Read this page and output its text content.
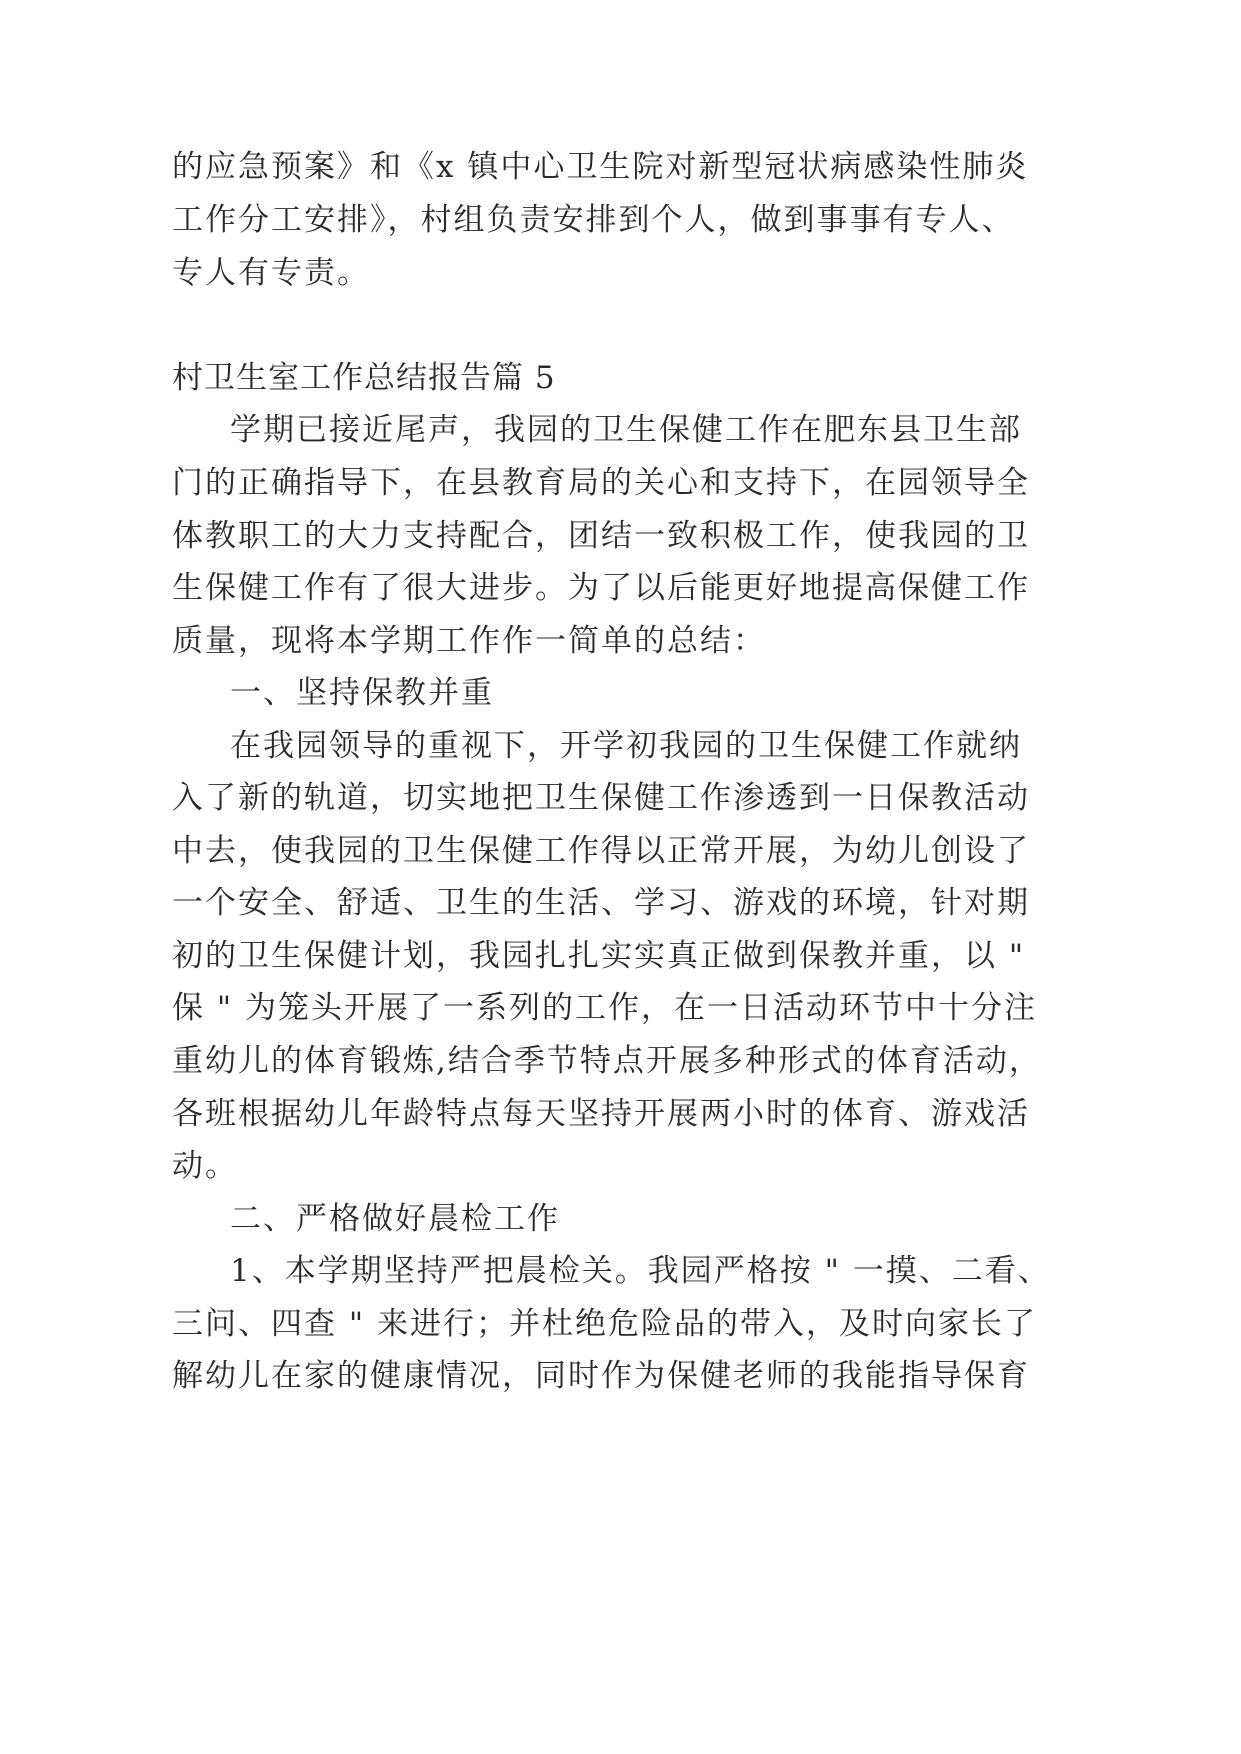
的应急预案》和《x 镇中心卫生院对新型冠状病感染性肺炎
工作分工安排》，村组负责安排到个人，做到事事有专人、
专人有专责。
村卫生室工作总结报告篇 5
学期已接近尾声，我园的卫生保健工作在肥东县卫生部
门的正确指导下，在县教育局的关心和支持下，在园领导全
体教职工的大力支持配合，团结一致积极工作，使我园的卫
生保健工作有了很大进步。为了以后能更好地提高保健工作
质量，现将本学期工作作一简单的总结：
一、坚持保教并重
在我园领导的重视下，开学初我园的卫生保健工作就纳
入了新的轨道，切实地把卫生保健工作渗透到一日保教活动
中去，使我园的卫生保健工作得以正常开展，为幼儿创设了
一个安全、舒适、卫生的生活、学习、游戏的环境，针对期
初的卫生保健计划，我园扎扎实实真正做到保教并重，以 "
保 " 为笼头开展了一系列的工作，在一日活动环节中十分注
重幼儿的体育锻炼,结合季节特点开展多种形式的体育活动，
各班根据幼儿年龄特点每天坚持开展两小时的体育、游戏活
动。
二、严格做好晨检工作
1、本学期坚持严把晨检关。我园严格按 " 一摸、二看、
三问、四查 " 来进行；并杜绝危险品的带入，及时向家长了
解幼儿在家的健康情况，同时作为保健老师的我能指导保育
